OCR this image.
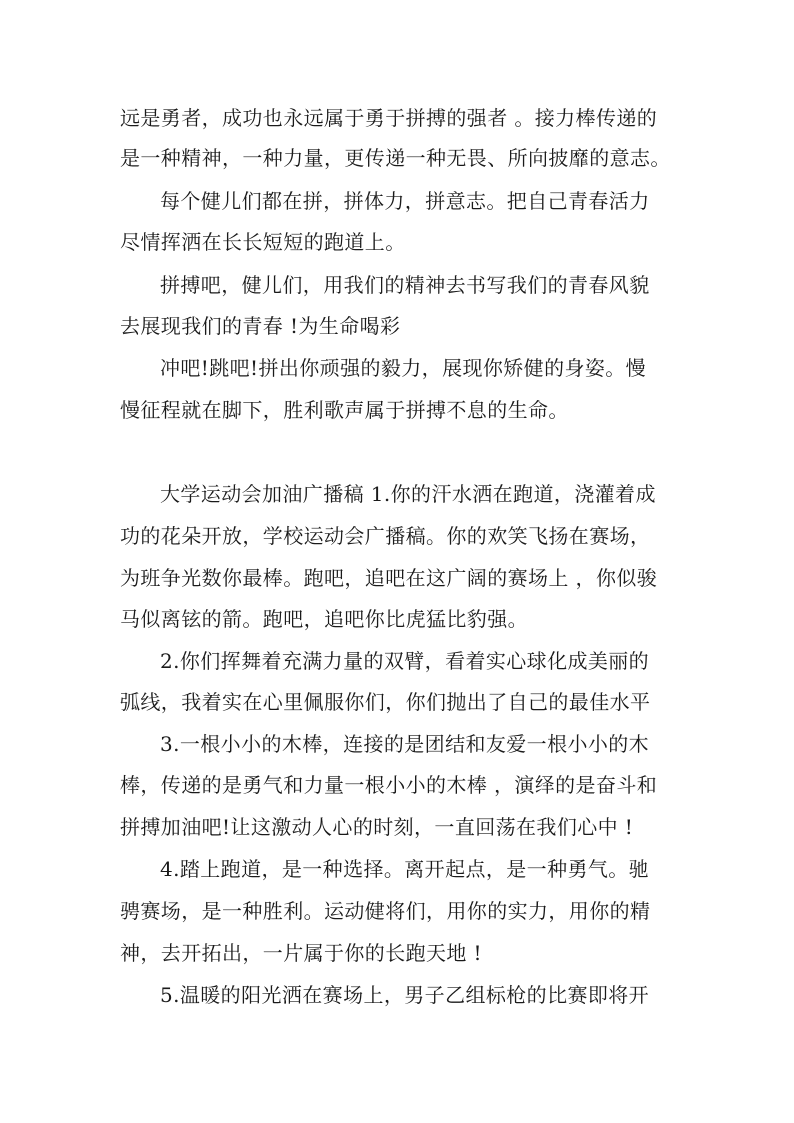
远是勇者，成功也永远属于勇于拼搏的强者 。接力棒传递的
是一种精神，一种力量，更传递一种无畏、所向披靡的意志。
每个健儿们都在拼，拼体力，拼意志。把自己青春活力
尽情挥洒在长长短短的跑道上。
拼搏吧，健儿们，用我们的精神去书写我们的青春风貌
去展现我们的青春 !为生命喝彩
冲吧!跳吧!拼出你顽强的毅力，展现你矫健的身姿。慢
慢征程就在脚下，胜利歌声属于拼搏不息的生命。
大学运动会加油广播稿 1.你的汗水洒在跑道，浇灌着成
功的花朵开放，学校运动会广播稿。你的欢笑飞扬在赛场，
为班争光数你最棒。跑吧，追吧在这广阔的赛场上 ，你似骏
马似离铉的箭。跑吧，追吧你比虎猛比豹强。
2.你们挥舞着充满力量的双臂，看着实心球化成美丽的
弧线，我着实在心里佩服你们，你们抛出了自己的最佳水平
3.一根小小的木棒，连接的是团结和友爱一根小小的木
棒，传递的是勇气和力量一根小小的木棒 ，演绎的是奋斗和
拼搏加油吧!让这激动人心的时刻，一直回荡在我们心中 !
4.踏上跑道，是一种选择。离开起点，是一种勇气。驰
骋赛场，是一种胜利。运动健将们，用你的实力，用你的精
神，去开拓出，一片属于你的长跑天地 !
5.温暖的阳光洒在赛场上，男子乙组标枪的比赛即将开
